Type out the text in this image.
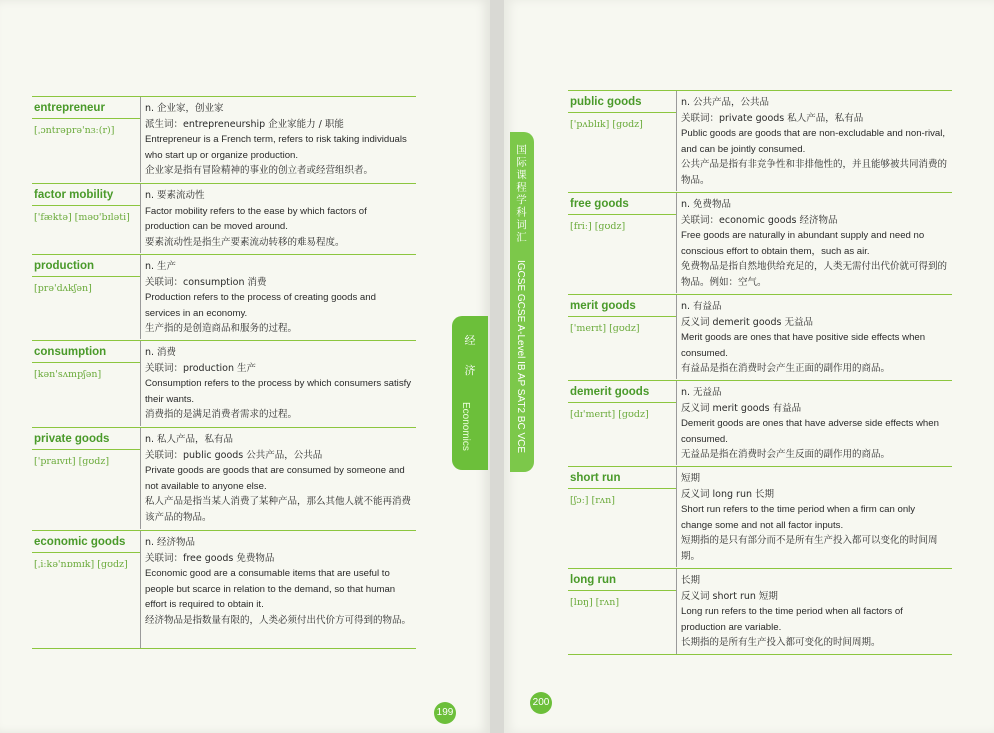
entrepreneur
[ˌɔntrəprə'nɜː(r)]
n. 企业家，创业家
派生词：entrepreneurship 企业家能力 / 职能
Entrepreneur is a French term, refers to risk taking individuals who start up or organize production.
企业家是指有冒险精神的事业的创立者或经营组织者。
factor mobility
['fæktə] [məʊ'bɪləti]
n. 要素流动性
Factor mobility refers to the ease by which factors of production can be moved around.
要素流动性是指生产要素流动转移的难易程度。
production
[prə'dʌkʃən]
n. 生产
关联词：consumption 消费
Production refers to the process of creating goods and services in an economy.
生产指的是创造商品和服务的过程。
consumption
[kən'sʌmpʃən]
n. 消费
关联词：production 生产
Consumption refers to the process by which consumers satisfy their wants.
消费指的是满足消费者需求的过程。
private goods
['praɪvɪt] [gʊdz]
n. 私人产品，私有品
关联词：public goods 公共产品，公共品
Private goods are goods that are consumed by someone and not available to anyone else.
私人产品是指当某人消费了某种产品，那么其他人就不能再消费该产品的物品。
economic goods
[ˌiːkə'nɒmɪk] [gʊdz]
n. 经济物品
关联词：free goods 免费物品
Economic good are a consumable items that are useful to people but scarce in relation to the demand, so that human effort is required to obtain it.
经济物品是指数量有限的，人类必须付出代价方可得到的物品。
经
济
Economics
199
国际课程学科词汇
IGCSE GCSE A-Level IB AP SAT2 BC VCE
public goods
['pʌblɪk] [gʊdz]
n. 公共产品，公共品
关联词：private goods 私人产品，私有品
Public goods are goods that are non-excludable and non-rival, and can be jointly consumed.
公共产品是指有非竞争性和非排他性的，并且能够被共同消费的物品。
free goods
[friː] [gʊdz]
n. 免费物品
关联词：economic goods 经济物品
Free goods are naturally in abundant supply and need no conscious effort to obtain them，such as air.
免费物品是指自然地供给充足的，人类无需付出代价就可得到的物品。例如：空气。
merit goods
['merɪt] [gʊdz]
n. 有益品
反义词 demerit goods 无益品
Merit goods are ones that have positive side effects when consumed.
有益品是指在消费时会产生正面的副作用的商品。
demerit goods
[dɪ'merɪt] [gʊdz]
n. 无益品
反义词 merit goods 有益品
Demerit goods are ones that have adverse side effects when consumed.
无益品是指在消费时会产生反面的副作用的商品。
short run
[ʃɔː] [rʌn]
短期
反义词 long run 长期
Short run refers to the time period when a firm can only change some and not all factor inputs.
短期指的是只有部分而不是所有生产投入都可以变化的时间周期。
long run
[lɒŋ] [rʌn]
长期
反义词 short run 短期
Long run refers to the time period when all factors of production are variable.
长期指的是所有生产投入都可变化的时间周期。
200
